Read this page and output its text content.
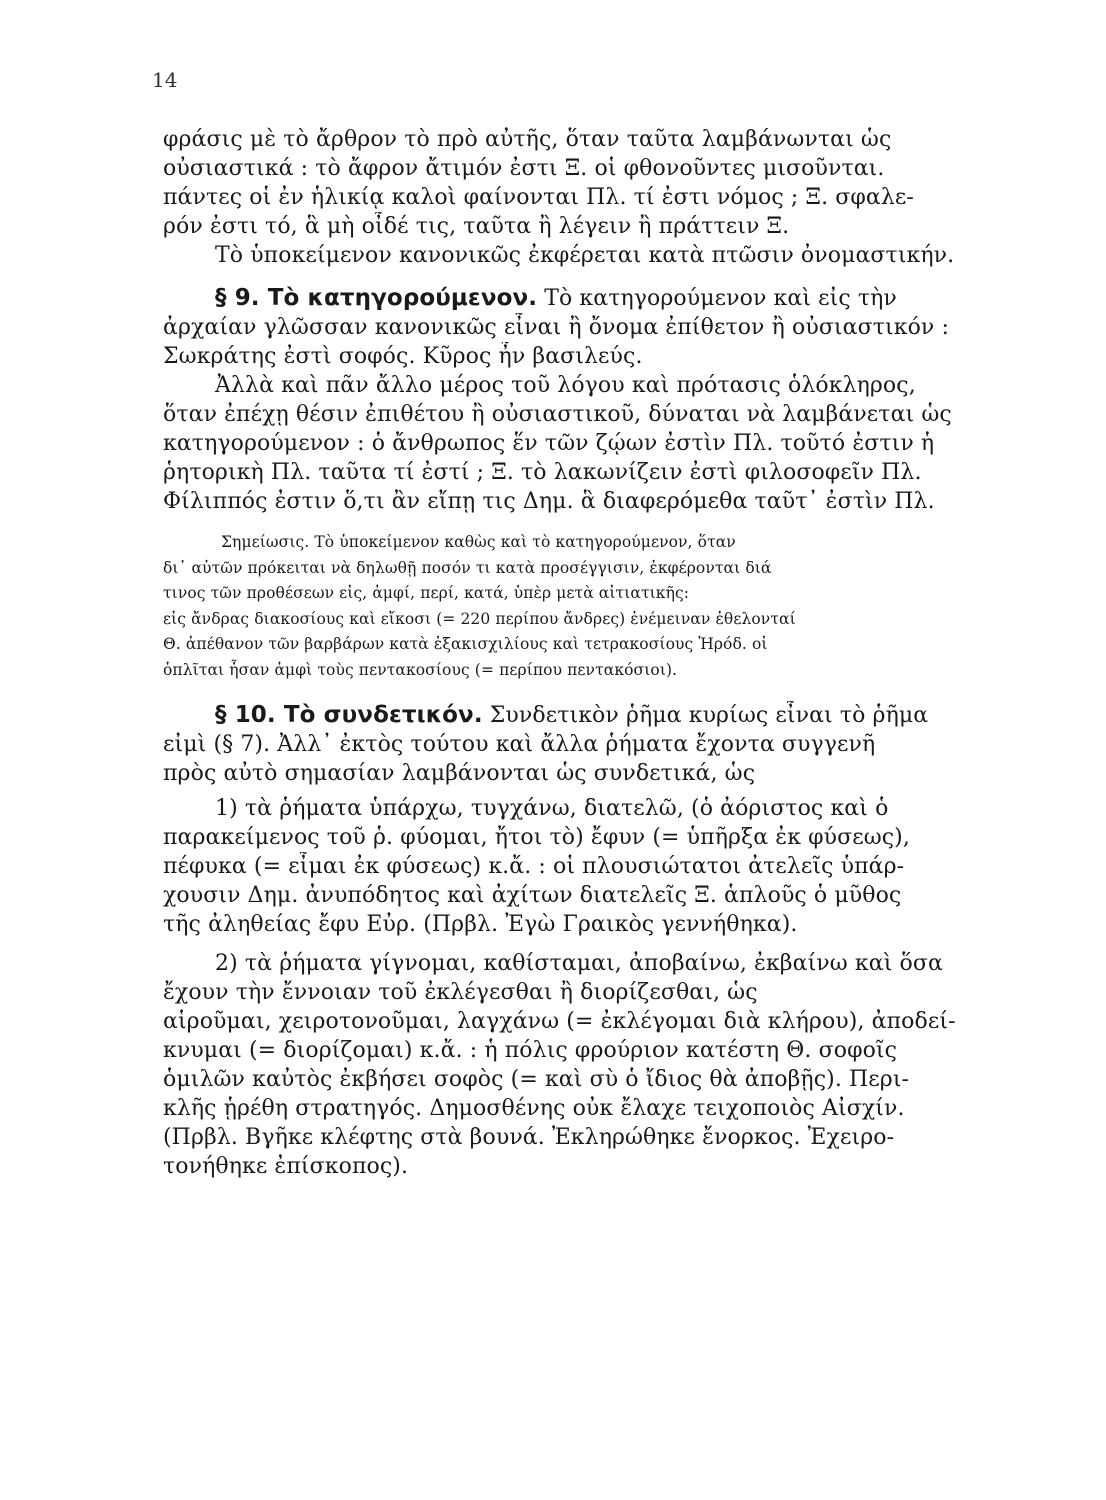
14
φράσις μὲ τὸ ἄρθρον τὸ πρὸ αὐτῆς, ὅταν ταῦτα λαμβάνωνται ὡς
οὐσιαστικά : τὸ ἄφρον ἄτιμόν ἐστι Ξ. οἱ φθονοῦντες μισοῦνται.
πάντες οἱ ἐν ἡλικίᾳ καλοὶ φαίνονται Πλ. τί ἐστι νόμος ; Ξ. σφαλε-
ρόν ἐστι τό, ἃ μὴ οἶδέ τις, ταῦτα ἢ λέγειν ἢ πράττειν Ξ.
Τὸ ὑποκείμενον κανονικῶς ἐκφέρεται κατὰ πτῶσιν ὀνομαστικήν.
§ 9. Τὸ κατηγορούμενον. Τὸ κατηγορούμενον καὶ εἰς τὴν
ἀρχαίαν γλῶσσαν κανονικῶς εἶναι ἢ ὄνομα ἐπίθετον ἢ οὐσιαστικόν :
Σωκράτης ἐστὶ σοφός. Κῦρος ἦν βασιλεύς.
Ἀλλὰ καὶ πᾶν ἄλλο μέρος τοῦ λόγου καὶ πρότασις ὁλόκληρος,
ὅταν ἐπέχῃ θέσιν ἐπιθέτου ἢ οὐσιαστικοῦ, δύναται νὰ λαμβάνεται ὡς
κατηγορούμενον : ὁ ἄνθρωπος ἕν τῶν ζῴων ἐστὶν Πλ. τοῦτό ἐστιν ἡ
ῥητορικὴ Πλ. ταῦτα τί ἐστί ; Ξ. τὸ λακωνίζειν ἐστὶ φιλοσοφεῖν Πλ.
Φίλιππός ἐστιν ὅ,τι ἂν εἴπῃ τις Δημ. ἃ διαφερόμεθα ταῦτ᾽ ἐστὶν Πλ.
Σημείωσις. Τὸ ὑποκείμενον καθὼς καὶ τὸ κατηγορούμενον, ὅταν
δι᾽ αὐτῶν πρόκειται νὰ δηλωθῇ ποσόν τι κατὰ προσέγγισιν, ἐκφέρονται διά
τινος τῶν προθέσεων εἰς, ἀμφί, περί, κατά, ὑπὲρ μετὰ αἰτιατικῆς:
εἰς ἄνδρας διακοσίους καὶ εἴκοσι (= 220 περίπου ἄνδρες) ἐνέμειναν ἐθελονταί
Θ. ἀπέθανον τῶν βαρβάρων κατὰ ἑξακισχιλίους καὶ τετρακοσίους Ἡρόδ. οἱ
ὁπλῖται ἦσαν ἀμφὶ τοὺς πεντακοσίους (= περίπου πεντακόσιοι).
§ 10. Τὸ συνδετικόν. Συνδετικὸν ῥῆμα κυρίως εἶναι τὸ ῥῆμα
εἰμὶ (§ 7). Ἀλλ᾽ ἐκτὸς τούτου καὶ ἄλλα ῥήματα ἔχοντα συγγενῆ
πρὸς αὐτὸ σημασίαν λαμβάνονται ὡς συνδετικά, ὡς
1) τὰ ῥήματα ὑπάρχω, τυγχάνω, διατελῶ, (ὁ ἀόριστος καὶ ὁ
παρακείμενος τοῦ ῥ. φύομαι, ἤτοι τὸ) ἔφυν (= ὑπῆρξα ἐκ φύσεως),
πέφυκα (= εἶμαι ἐκ φύσεως) κ.ἄ. : οἱ πλουσιώτατοι ἀτελεῖς ὑπάρ-
χουσιν Δημ. ἀνυπόδητος καὶ ἀχίτων διατελεῖς Ξ. ἁπλοῦς ὁ μῦθος
τῆς ἀληθείας ἔφυ Εὐρ. (Πρβλ. Ἐγὼ Γραικὸς γεννήθηκα).
2) τὰ ῥήματα γίγνομαι, καθίσταμαι, ἀποβαίνω, ἐκβαίνω καὶ ὅσα
ἔχουν τὴν ἔννοιαν τοῦ ἐκλέγεσθαι ἢ διορίζεσθαι, ὡς
αἱροῦμαι, χειροτονοῦμαι, λαγχάνω (= ἐκλέγομαι διὰ κλήρου), ἀποδεί-
κνυμαι (= διορίζομαι) κ.ἄ. : ἡ πόλις φρούριον κατέστη Θ. σοφοῖς
ὁμιλῶν καὐτὸς ἐκβήσει σοφὸς (= καὶ σὺ ὁ ἴδιος θὰ ἀποβῇς). Περι-
κλῆς ᾑρέθη στρατηγός. Δημοσθένης οὐκ ἔλαχε τειχοποιὸς Αἰσχίν.
(Πρβλ. Βγῆκε κλέφτης στὰ βουνά. Ἐκληρώθηκε ἔνορκος. Ἐχειρο-
τονήθηκε ἐπίσκοπος).
